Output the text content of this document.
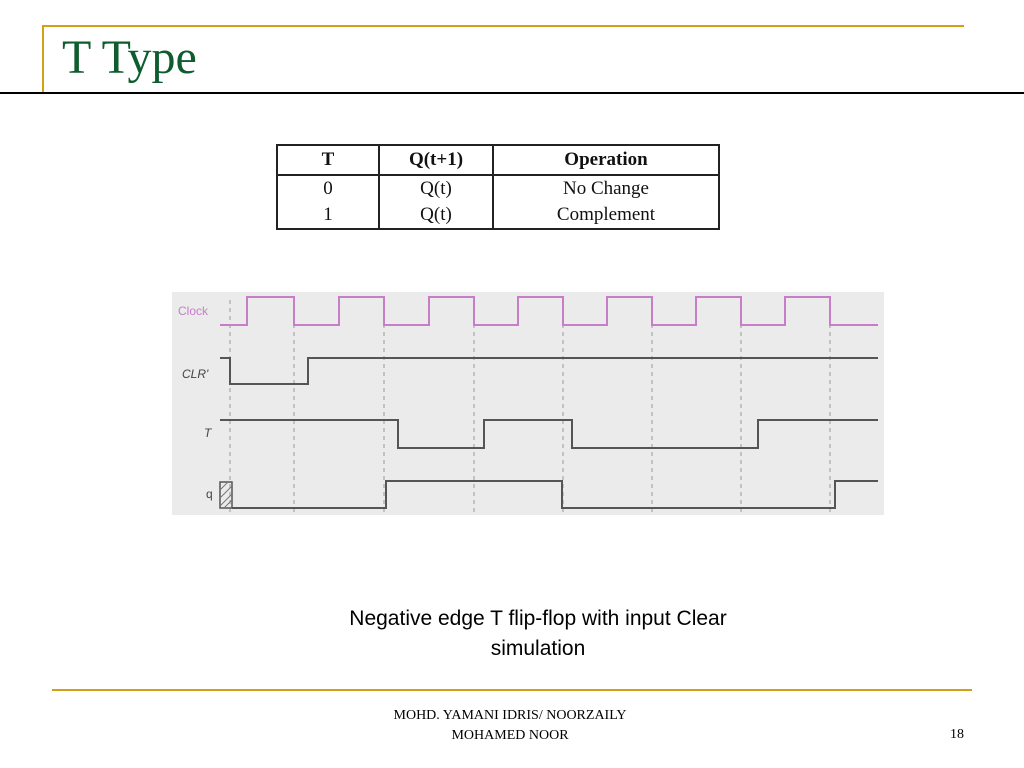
T Type
T	Q(t+1)	Operation
0	Q(t)	No Change
1	Q(t)	Complement
Clock
CLR'
T
q
Negative edge T flip-flop with input Clear
simulation
MOHD. YAMANI IDRIS/ NOORZAILY
MOHAMED NOOR	18
